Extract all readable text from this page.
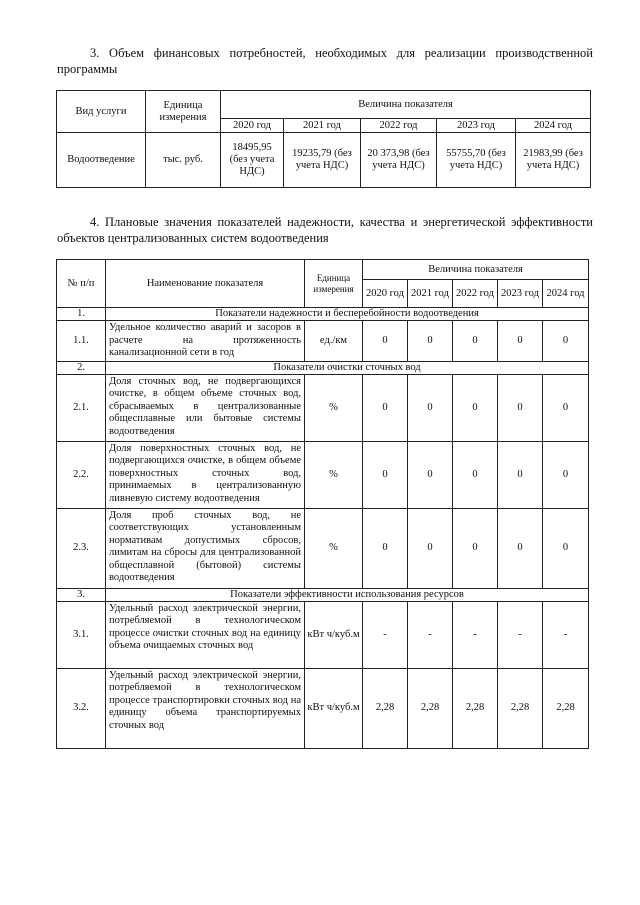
3. Объем финансовых потребностей, необходимых для реализации производственной программы
Вид услуги	Единица измерения	Величина показателя				
		2020 год	2021 год	2022 год	2023 год	2024 год
Водоотведение	тыс. руб.	18495,95 (без учета НДС)	19235,79 (без учета НДС)	20 373,98 (без учета НДС)	55755,70 (без учета НДС)	21983,99 (без учета НДС)
4. Плановые значения показателей надежности, качества и энергетической эффективности объектов централизованных систем водоотведения
№ п/п	Наименование показателя	Единица измерения	Величина показателя				
			2020 год	2021 год	2022 год	2023 год	2024 год
1.	Показатели надежности и бесперебойности водоотведения						
1.1.	Удельное количество аварий и засоров в расчете на протяженность канализационной сети в год	ед./км	0	0	0	0	0
2.	Показатели очистки сточных вод						
2.1.	Доля сточных вод, не подвергающихся очистке, в общем объеме сточных вод, сбрасываемых в централизованные общесплавные или бытовые системы водоотведения	%	0	0	0	0	0
2.2.	Доля поверхностных сточных вод, не подвергающихся очистке, в общем объеме поверхностных сточных вод, принимаемых в централизованную ливневую систему водоотведения	%	0	0	0	0	0
2.3.	Доля проб сточных вод, не соответствующих установленным нормативам допустимых сбросов, лимитам на сбросы для централизованной общесплавной (бытовой) системы водоотведения	%	0	0	0	0	0
3.	Показатели эффективности использования ресурсов						
3.1.	Удельный расход электрической энергии, потребляемой в технологическом процессе очистки сточных вод на единицу объема очищаемых сточных вод	кВт ч/куб.м	-	-	-	-	-
3.2.	Удельный расход электрической энергии, потребляемой в технологическом процессе транспортировки сточных вод на единицу объема транспортируемых сточных вод	кВт ч/куб.м	2,28	2,28	2,28	2,28	2,28
